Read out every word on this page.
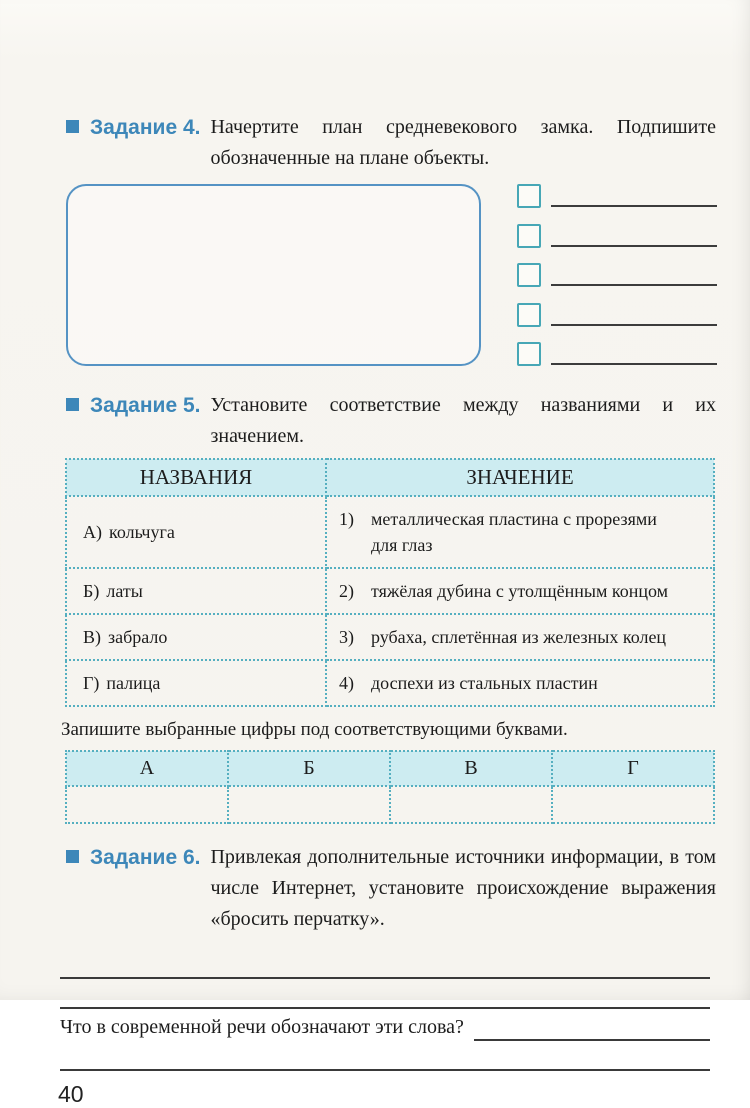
Задание 4. Начертите план средневекового замка. Подпишите обозначенные на плане объекты.
Задание 5. Установите соответствие между названиями и их значением.
НАЗВАНИЯ	ЗНАЧЕНИЕ
А) кольчуга	1) металлическая пластина с прорезями для глаз

Б) латы	2) тяжёлая дубина с утолщённым концом

В) забрало	3) рубаха, сплетённая из железных колец

Г) палица	4) доспехи из стальных пластин
Запишите выбранные цифры под соответствующими буквами.
А	Б	В	Г

Задание 6. Привлекая дополнительные источники информации, в том числе Интернет, установите происхождение выражения «бросить перчатку».
Что в современной речи обозначают эти слова?
40
